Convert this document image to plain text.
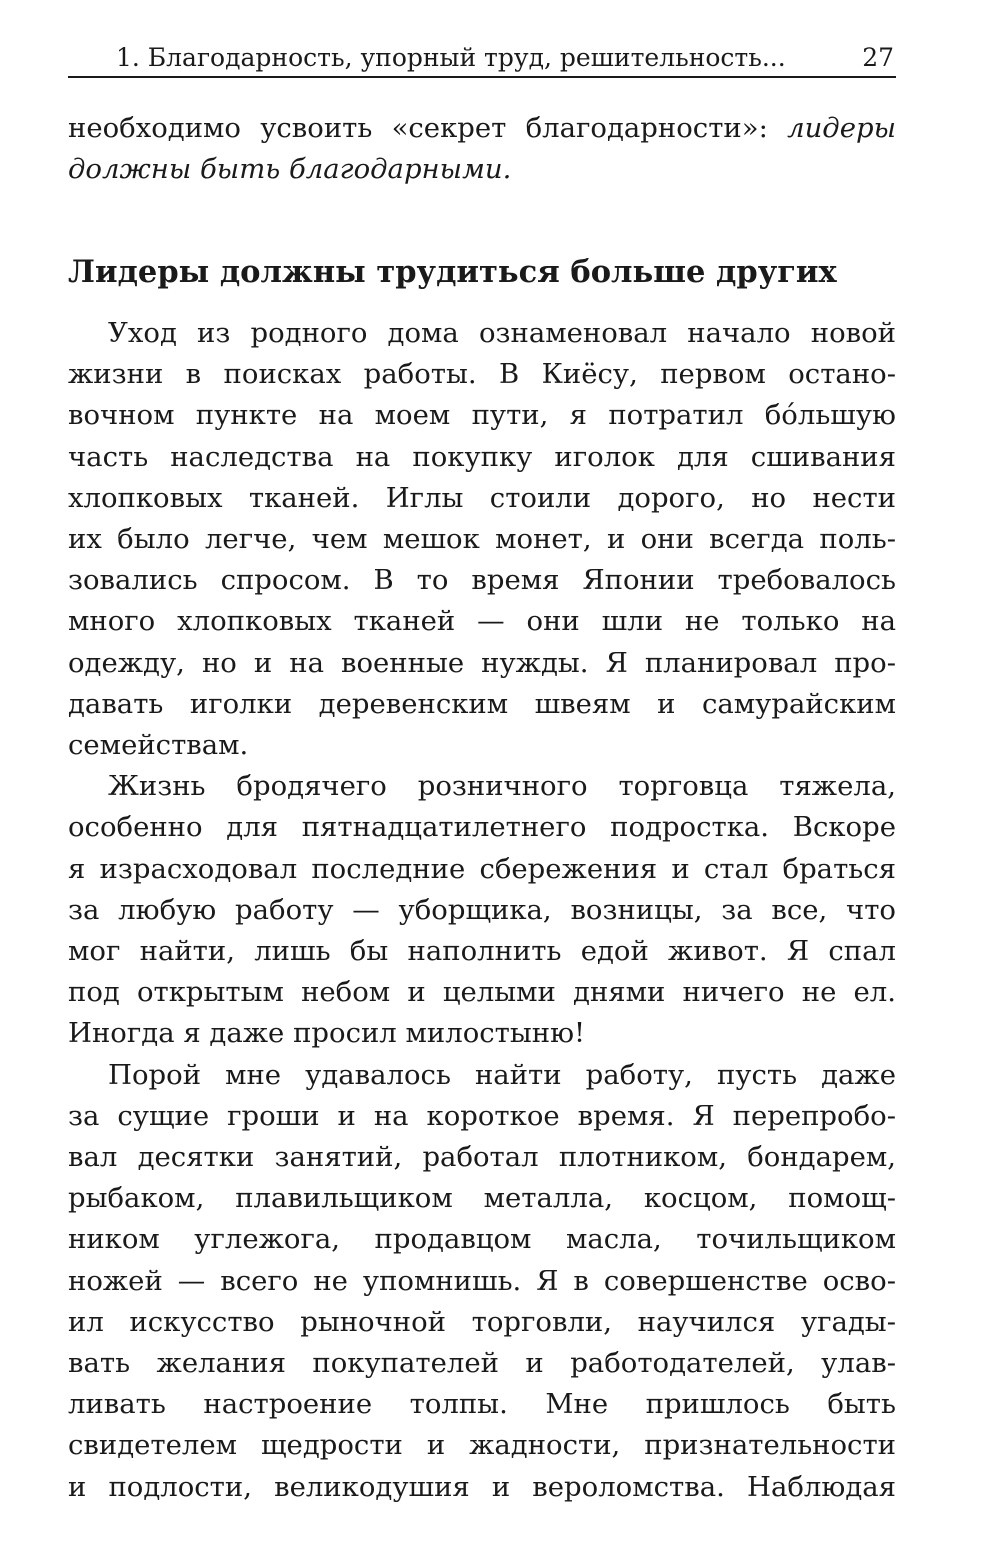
1. Благодарность, упорный труд, решительность...	27
необходимо усвоить «секрет благодарности»: лидеры
должны быть благодарными.
Лидеры должны трудиться больше других

Уход из родного дома ознаменовал начало новой
жизни в поисках работы. В Киёсу, первом остано-
вочном пункте на моем пути, я потратил бóльшую
часть наследства на покупку иголок для сшивания
хлопковых тканей. Иглы стоили дорого, но нести
их было легче, чем мешок монет, и они всегда поль-
зовались спросом. В то время Японии требовалось
много хлопковых тканей — они шли не только на
одежду, но и на военные нужды. Я планировал про-
давать иголки деревенским швеям и самурайским
семействам.

Жизнь бродячего розничного торговца тяжела,
особенно для пятнадцатилетнего подростка. Вскоре
я израсходовал последние сбережения и стал браться
за любую работу — уборщика, возницы, за все, что
мог найти, лишь бы наполнить едой живот. Я спал
под открытым небом и целыми днями ничего не ел.
Иногда я даже просил милостыню!

Порой мне удавалось найти работу, пусть даже
за сущие гроши и на короткое время. Я перепробо-
вал десятки занятий, работал плотником, бондарем,
рыбаком, плавильщиком металла, косцом, помощ-
ником углежога, продавцом масла, точильщиком
ножей — всего не упомнишь. Я в совершенстве осво-
ил искусство рыночной торговли, научился угады-
вать желания покупателей и работодателей, улав-
ливать настроение толпы. Мне пришлось быть
свидетелем щедрости и жадности, признательности
и подлости, великодушия и вероломства. Наблюдая
